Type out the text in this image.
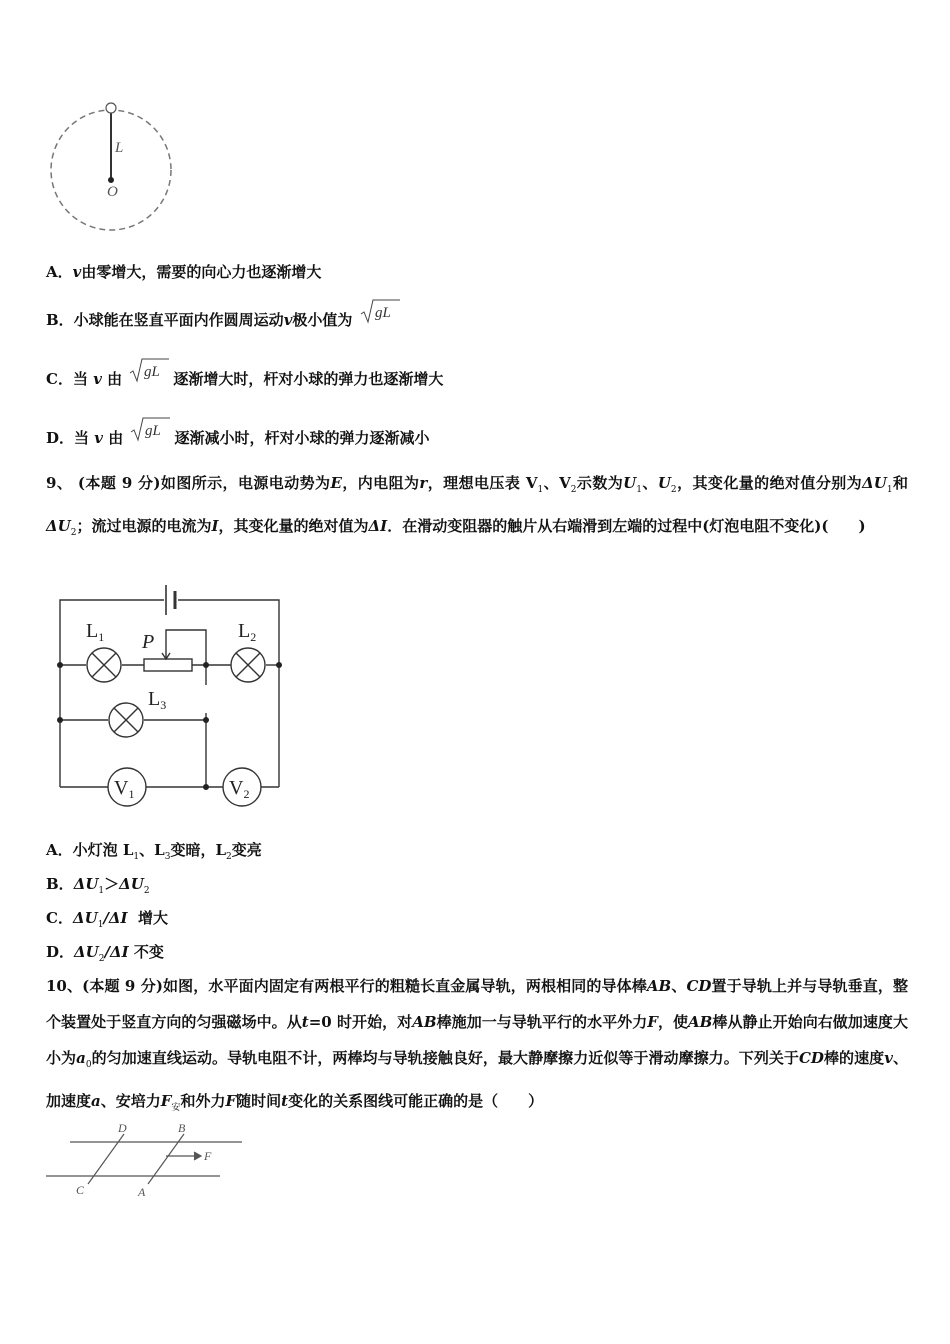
L
O
A．v由零增大，需要的向心力也逐渐增大
B．小球能在竖直平面内作圆周运动v极小值为 gL
C．当 v 由 gL 逐渐增大时，杆对小球的弹力也逐渐增大
D．当 v 由 gL 逐渐减小时，杆对小球的弹力逐渐减小
9、 (本题 9 分)如图所示，电源电动势为E，内电阻为r，理想电压表 $V_1$、$V_2$示数为$U_1$、$U_2$，其变化量的绝对值分别为$\Delta U_1$和$\Delta U_2$；流过电源的电流为I，其变化量的绝对值为ΔI．在滑动变阻器的触片从右端滑到左端的过程中(灯泡电阻不变化)(　　)
P
$L_1$	$L_2$
$L_3$
$V_1$	$V_2$
A．小灯泡 $L_1$、$L_3$变暗，$L_2$变亮
B．$\Delta U_1>\Delta U_2$
C．$\Delta U_1/\Delta I$ 增大
D．$\Delta U_2/\Delta I$ 不变
10、(本题 9 分)如图，水平面内固定有两根平行的粗糙长直金属导轨，两根相同的导体棒AB、CD置于导轨上并与导轨垂直，整个装置处于竖直方向的匀强磁场中。从t=0 时开始，对AB棒施加一与导轨平行的水平外力F，使AB棒从静止开始向右做加速度大小为$a_0$的匀加速直线运动。导轨电阻不计，两棒均与导轨接触良好，最大静摩擦力近似等于滑动摩擦力。下列关于CD棒的速度v、加速度a、安培力$F_安$和外力F随时间t变化的关系图线可能正确的是（　　）
D	B
C	A
F
